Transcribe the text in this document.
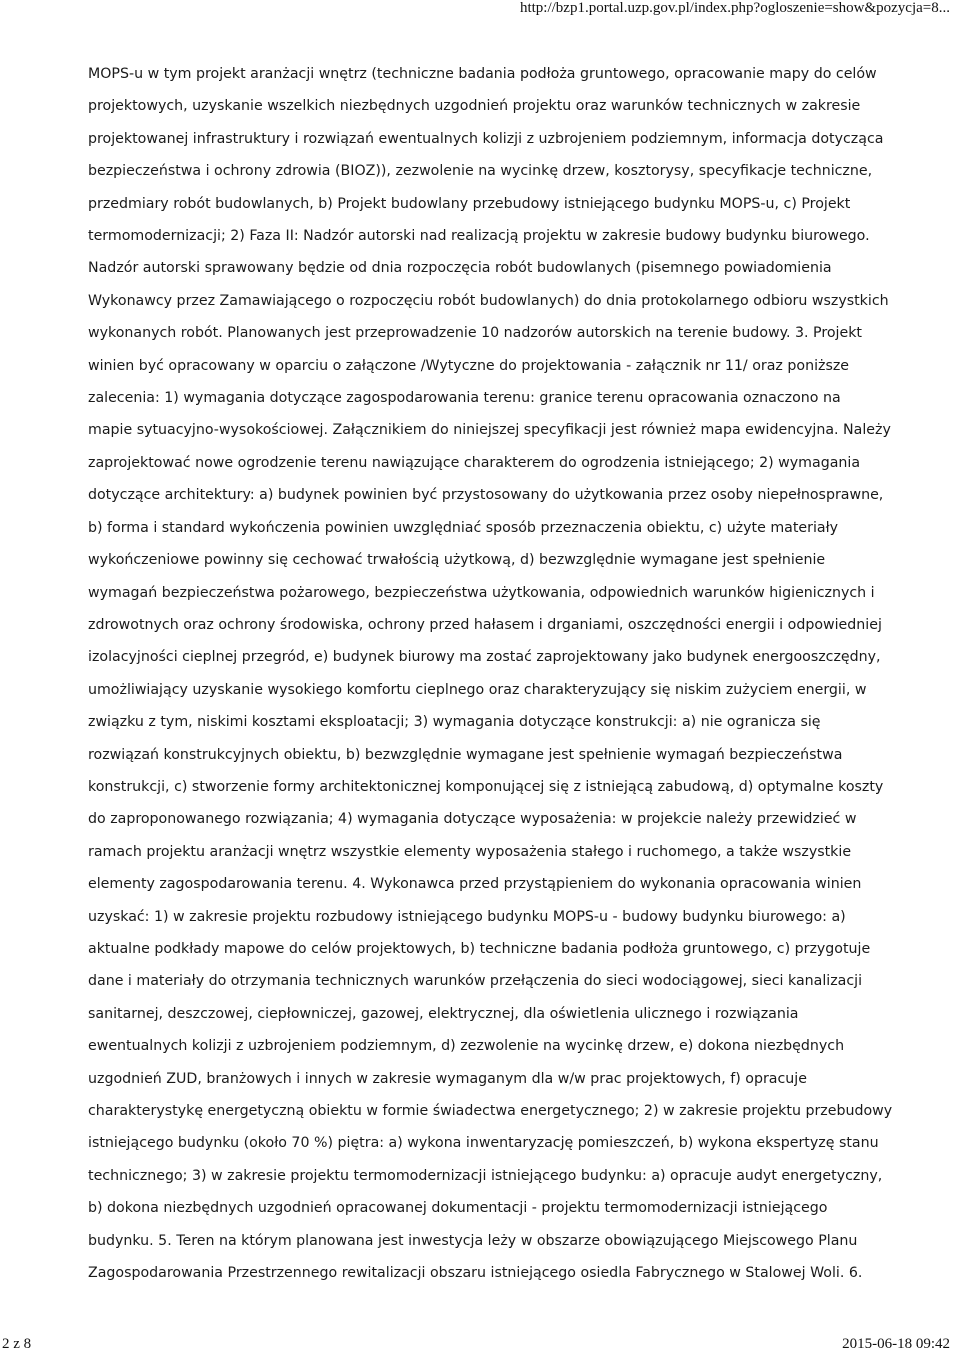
http://bzp1.portal.uzp.gov.pl/index.php?ogloszenie=show&pozycja=8...
MOPS-u w tym projekt aranżacji wnętrz (techniczne badania podłoża gruntowego, opracowanie mapy do celów
projektowych, uzyskanie wszelkich niezbędnych uzgodnień projektu oraz warunków technicznych w zakresie
projektowanej infrastruktury i rozwiązań ewentualnych kolizji z uzbrojeniem podziemnym, informacja dotycząca
bezpieczeństwa i ochrony zdrowia (BIOZ)), zezwolenie na wycinkę drzew, kosztorysy, specyfikacje techniczne,
przedmiary robót budowlanych, b) Projekt budowlany przebudowy istniejącego budynku MOPS-u, c) Projekt
termomodernizacji; 2) Faza II: Nadzór autorski nad realizacją projektu w zakresie budowy budynku biurowego.
Nadzór autorski sprawowany będzie od dnia rozpoczęcia robót budowlanych (pisemnego powiadomienia
Wykonawcy przez Zamawiającego o rozpoczęciu robót budowlanych) do dnia protokolarnego odbioru wszystkich
wykonanych robót. Planowanych jest przeprowadzenie 10 nadzorów autorskich na terenie budowy. 3. Projekt
winien być opracowany w oparciu o załączone /Wytyczne do projektowania - załącznik nr 11/ oraz poniższe
zalecenia: 1) wymagania dotyczące zagospodarowania terenu: granice terenu opracowania oznaczono na
mapie sytuacyjno-wysokościowej. Załącznikiem do niniejszej specyfikacji jest również mapa ewidencyjna. Należy
zaprojektować nowe ogrodzenie terenu nawiązujące charakterem do ogrodzenia istniejącego; 2) wymagania
dotyczące architektury: a) budynek powinien być przystosowany do użytkowania przez osoby niepełnosprawne,
b) forma i standard wykończenia powinien uwzględniać sposób przeznaczenia obiektu, c) użyte materiały
wykończeniowe powinny się cechować trwałością użytkową, d) bezwzględnie wymagane jest spełnienie
wymagań bezpieczeństwa pożarowego, bezpieczeństwa użytkowania, odpowiednich warunków higienicznych i
zdrowotnych oraz ochrony środowiska, ochrony przed hałasem i drganiami, oszczędności energii i odpowiedniej
izolacyjności cieplnej przegród, e) budynek biurowy ma zostać zaprojektowany jako budynek energooszczędny,
umożliwiający uzyskanie wysokiego komfortu cieplnego oraz charakteryzujący się niskim zużyciem energii, w
związku z tym, niskimi kosztami eksploatacji; 3) wymagania dotyczące konstrukcji: a) nie ogranicza się
rozwiązań konstrukcyjnych obiektu, b) bezwzględnie wymagane jest spełnienie wymagań bezpieczeństwa
konstrukcji, c) stworzenie formy architektonicznej komponującej się z istniejącą zabudową, d) optymalne koszty
do zaproponowanego rozwiązania; 4) wymagania dotyczące wyposażenia: w projekcie należy przewidzieć w
ramach projektu aranżacji wnętrz wszystkie elementy wyposażenia stałego i ruchomego, a także wszystkie
elementy zagospodarowania terenu. 4. Wykonawca przed przystąpieniem do wykonania opracowania winien
uzyskać: 1) w zakresie projektu rozbudowy istniejącego budynku MOPS-u - budowy budynku biurowego: a)
aktualne podkłady mapowe do celów projektowych, b) techniczne badania podłoża gruntowego, c) przygotuje
dane i materiały do otrzymania technicznych warunków przełączenia do sieci wodociągowej, sieci kanalizacji
sanitarnej, deszczowej, ciepłowniczej, gazowej, elektrycznej, dla oświetlenia ulicznego i rozwiązania
ewentualnych kolizji z uzbrojeniem podziemnym, d) zezwolenie na wycinkę drzew, e) dokona niezbędnych
uzgodnień ZUD, branżowych i innych w zakresie wymaganym dla w/w prac projektowych, f) opracuje
charakterystykę energetyczną obiektu w formie świadectwa energetycznego; 2) w zakresie projektu przebudowy
istniejącego budynku (około 70 %) piętra: a) wykona inwentaryzację pomieszczeń, b) wykona ekspertyzę stanu
technicznego; 3) w zakresie projektu termomodernizacji istniejącego budynku: a) opracuje audyt energetyczny,
b) dokona niezbędnych uzgodnień opracowanej dokumentacji - projektu termomodernizacji istniejącego
budynku. 5. Teren na którym planowana jest inwestycja leży w obszarze obowiązującego Miejscowego Planu
Zagospodarowania Przestrzennego rewitalizacji obszaru istniejącego osiedla Fabrycznego w Stalowej Woli. 6.
2 z 8	2015-06-18 09:42
